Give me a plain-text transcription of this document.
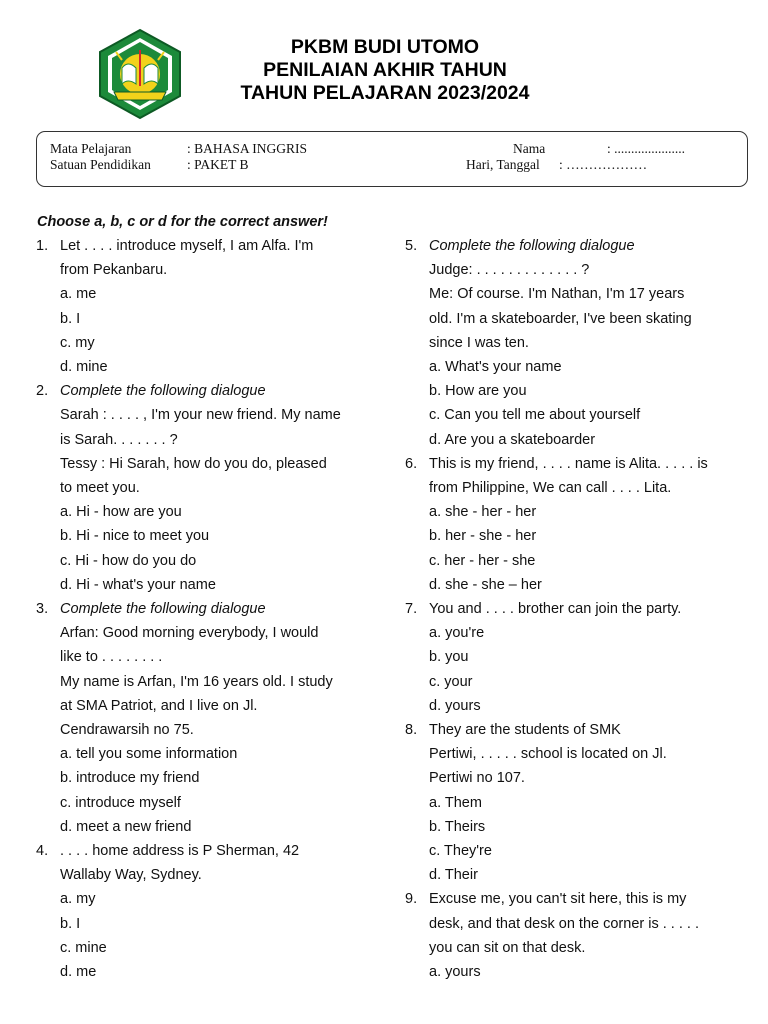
PKBM BUDI UTOMO
PENILAIAN AKHIR TAHUN
TAHUN PELAJARAN 2023/2024
Mata Pelajaran	: BAHASA INGGRIS
Satuan Pendidikan	: PAKET B
Nama	: .....................
Hari, Tanggal : ………………
Choose a, b, c or d for the correct answer!
1. Let . . . . introduce myself, I am Alfa. I'm
from Pekanbaru.
a. me
b. I
c. my
d. mine
2. Complete the following dialogue
Sarah : . . . . , I'm your new friend. My name
is Sarah. . . . . . . ?
Tessy : Hi Sarah, how do you do, pleased
to meet you.
a. Hi - how are you
b. Hi - nice to meet you
c. Hi - how do you do
d. Hi - what's your name
3. Complete the following dialogue
Arfan: Good morning everybody, I would
like to . . . . . . . .
My name is Arfan, I'm 16 years old. I study
at SMA Patriot, and I live on Jl.
Cendrawarsih no 75.
a. tell you some information
b. introduce my friend
c. introduce myself
d. meet a new friend
4. . . . . home address is P Sherman, 42
Wallaby Way, Sydney.
a. my
b. I
c. mine
d. me
5. Complete the following dialogue
Judge: . . . . . . . . . . . . . ?
Me: Of course. I'm Nathan, I'm 17 years
old. I'm a skateboarder, I've been skating
since I was ten.
a. What's your name
b. How are you
c. Can you tell me about yourself
d. Are you a skateboarder
6. This is my friend, . . . . name is Alita. . . . . is
from Philippine, We can call . . . . Lita.
a. she - her - her
b. her - she - her
c. her - her - she
d. she - she – her
7. You and . . . . brother can join the party.
a. you're
b. you
c. your
d. yours
8. They are the students of SMK
Pertiwi, . . . . . school is located on Jl.
Pertiwi no 107.
a. Them
b. Theirs
c. They're
d. Their
9. Excuse me, you can't sit here, this is my
desk, and that desk on the corner is . . . . .
you can sit on that desk.
a. yours
